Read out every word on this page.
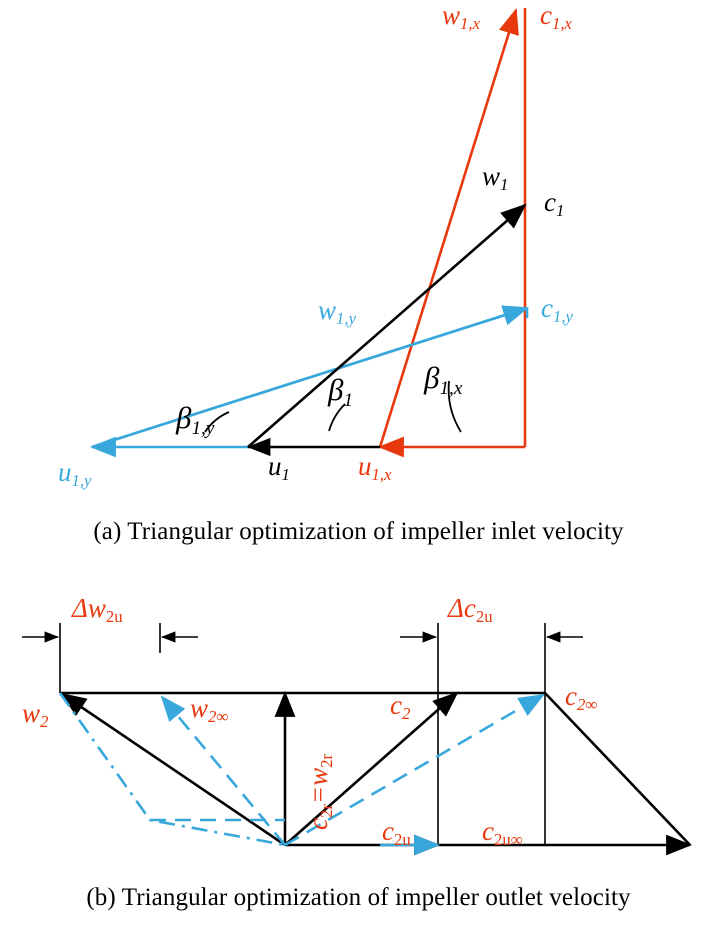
w1,x c1,x
w1
c1
w1,y	c1,y
β1,y
β1
β1,x
u1,y	u1	u1,x
(a) Triangular optimization of impeller inlet velocity
Δw2u	Δc2u
w2	w2∞
c2r=w2r
c2
c2∞
c2u	c2u∞
(b) Triangular optimization of impeller outlet velocity
